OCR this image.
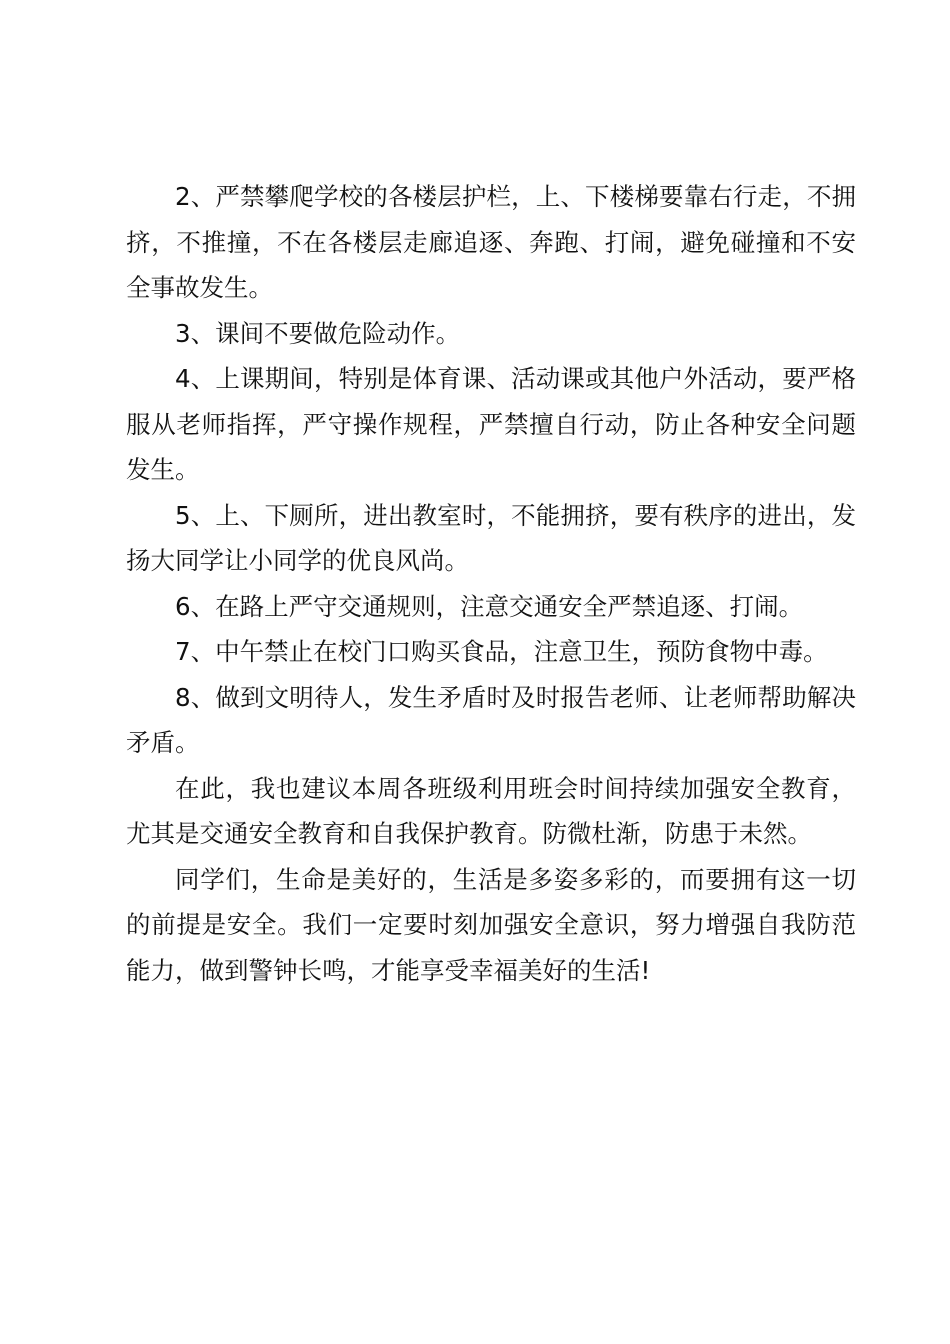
2、严禁攀爬学校的各楼层护栏，上、下楼梯要靠右行走，不拥挤，不推撞，不在各楼层走廊追逐、奔跑、打闹，避免碰撞和不安全事故发生。

3、课间不要做危险动作。

4、上课期间，特别是体育课、活动课或其他户外活动，要严格服从老师指挥，严守操作规程，严禁擅自行动，防止各种安全问题发生。

5、上、下厕所，进出教室时，不能拥挤，要有秩序的进出，发扬大同学让小同学的优良风尚。

6、在路上严守交通规则，注意交通安全严禁追逐、打闹。

7、中午禁止在校门口购买食品，注意卫生，预防食物中毒。

8、做到文明待人，发生矛盾时及时报告老师、让老师帮助解决矛盾。

在此，我也建议本周各班级利用班会时间持续加强安全教育，尤其是交通安全教育和自我保护教育。防微杜渐，防患于未然。

同学们，生命是美好的，生活是多姿多彩的，而要拥有这一切的前提是安全。我们一定要时刻加强安全意识，努力增强自我防范能力，做到警钟长鸣，才能享受幸福美好的生活!
